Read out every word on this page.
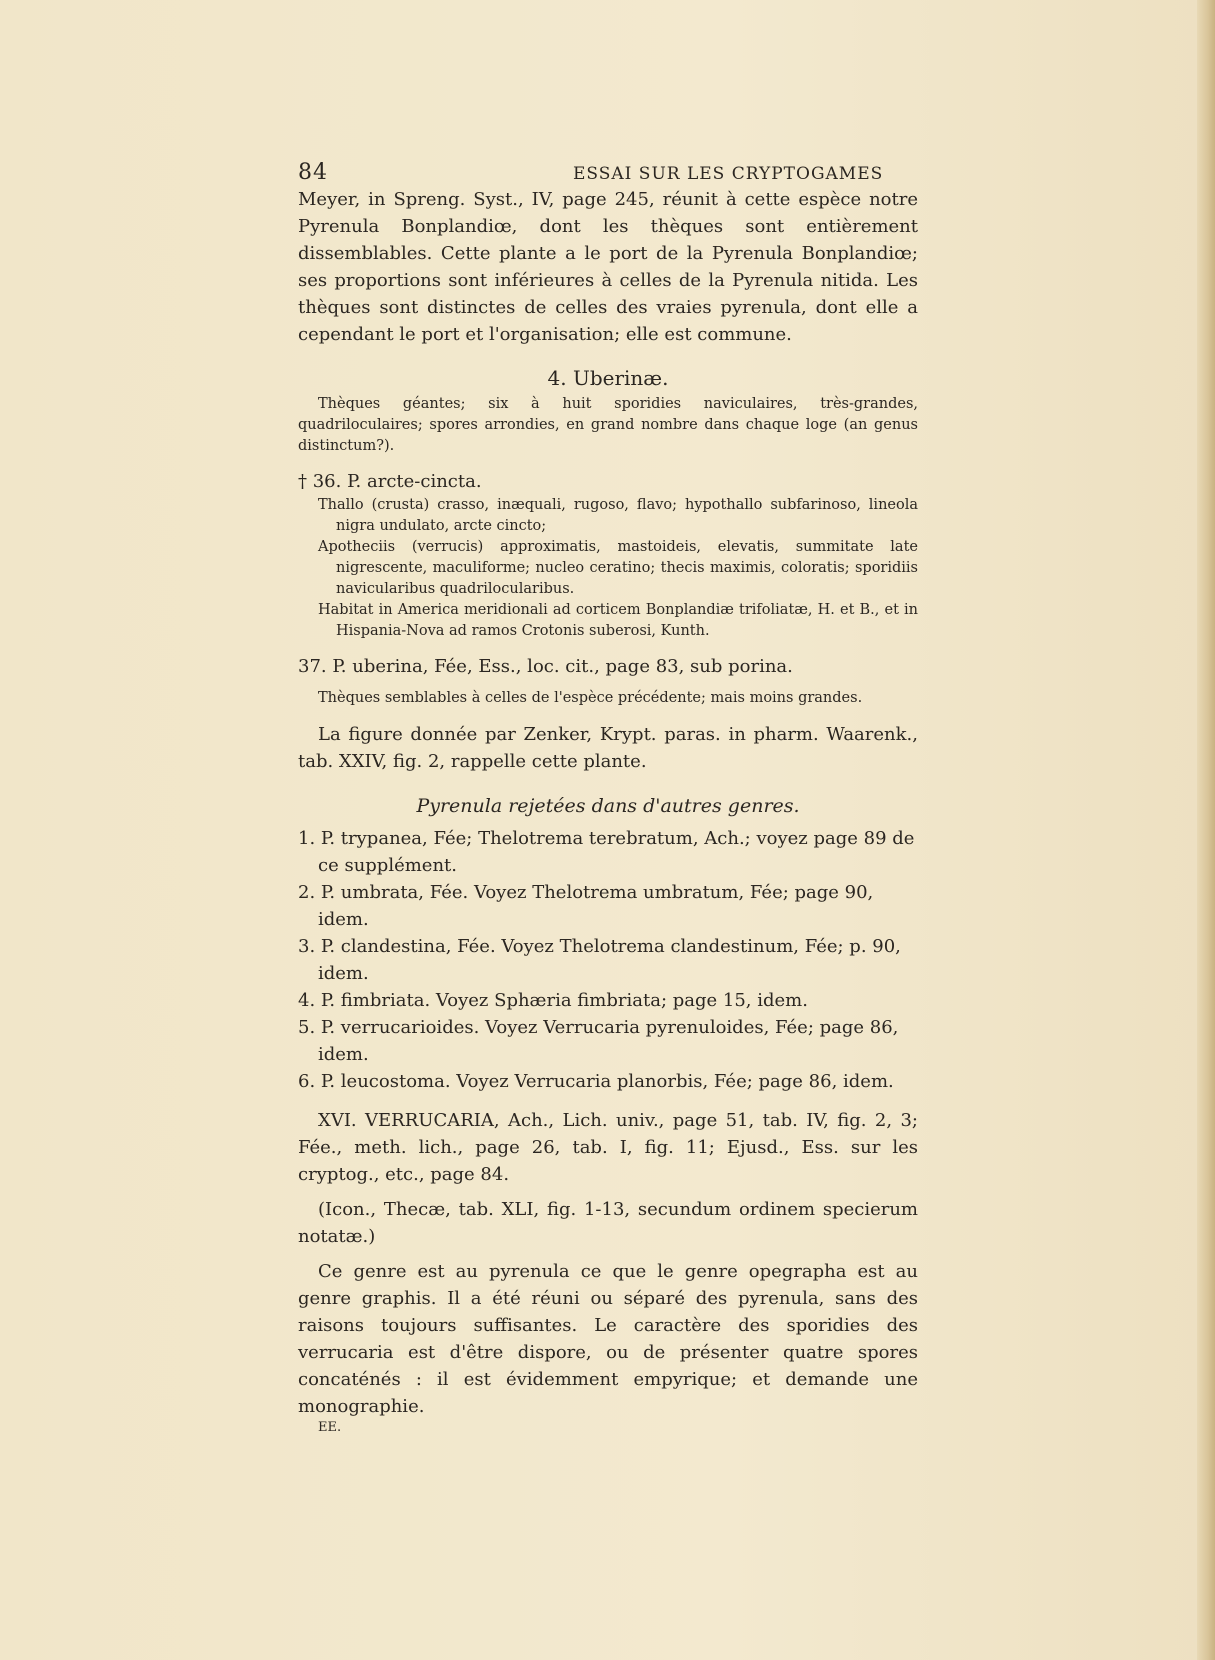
84	ESSAI SUR LES CRYPTOGAMES

Meyer, in Spreng. Syst., IV, page 245, réunit à cette espèce notre Pyrenula Bonplandiœ, dont les thèques sont entièrement dissemblables. Cette plante a le port de la Pyrenula Bonplandiœ; ses proportions sont inférieures à celles de la Pyrenula nitida. Les thèques sont distinctes de celles des vraies pyrenula, dont elle a cependant le port et l'organisation; elle est commune.

4. Uberinæ.

Thèques géantes; six à huit sporidies naviculaires, très-grandes, quadriloculaires; spores arrondies, en grand nombre dans chaque loge (an genus distinctum?).

† 36. P. arcte-cincta.

Thallo (crusta) crasso, inæquali, rugoso, flavo; hypothallo subfarinoso, lineola nigra undulato, arcte cincto;

Apotheciis (verrucis) approximatis, mastoideis, elevatis, summitate late nigrescente, maculiforme; nucleo ceratino; thecis maximis, coloratis; sporidiis navicularibus quadrilocularibus.

Habitat in America meridionali ad corticem Bonplandiæ trifoliatæ, H. et B., et in Hispania-Nova ad ramos Crotonis suberosi, Kunth.

37. P. uberina, Fée, Ess., loc. cit., page 83, sub porina.

Thèques semblables à celles de l'espèce précédente; mais moins grandes.

La figure donnée par Zenker, Krypt. paras. in pharm. Waarenk., tab. XXIV, fig. 2, rappelle cette plante.

Pyrenula rejetées dans d'autres genres.

1. P. trypanea, Fée; Thelotrema terebratum, Ach.; voyez page 89 de ce supplément.

2. P. umbrata, Fée. Voyez Thelotrema umbratum, Fée; page 90, idem.

3. P. clandestina, Fée. Voyez Thelotrema clandestinum, Fée; p. 90, idem.

4. P. fimbriata. Voyez Sphæria fimbriata; page 15, idem.

5. P. verrucarioides. Voyez Verrucaria pyrenuloides, Fée; page 86, idem.

6. P. leucostoma. Voyez Verrucaria planorbis, Fée; page 86, idem.

XVI. VERRUCARIA, Ach., Lich. univ., page 51, tab. IV, fig. 2, 3; Fée., meth. lich., page 26, tab. I, fig. 11; Ejusd., Ess. sur les cryptog., etc., page 84.

(Icon., Thecæ, tab. XLI, fig. 1-13, secundum ordinem specierum notatæ.)

Ce genre est au pyrenula ce que le genre opegrapha est au genre graphis. Il a été réuni ou séparé des pyrenula, sans des raisons toujours suffisantes. Le caractère des sporidies des verrucaria est d'être dispore, ou de présenter quatre spores concaténés : il est évidemment empyrique; et demande une monographie.

EE.
